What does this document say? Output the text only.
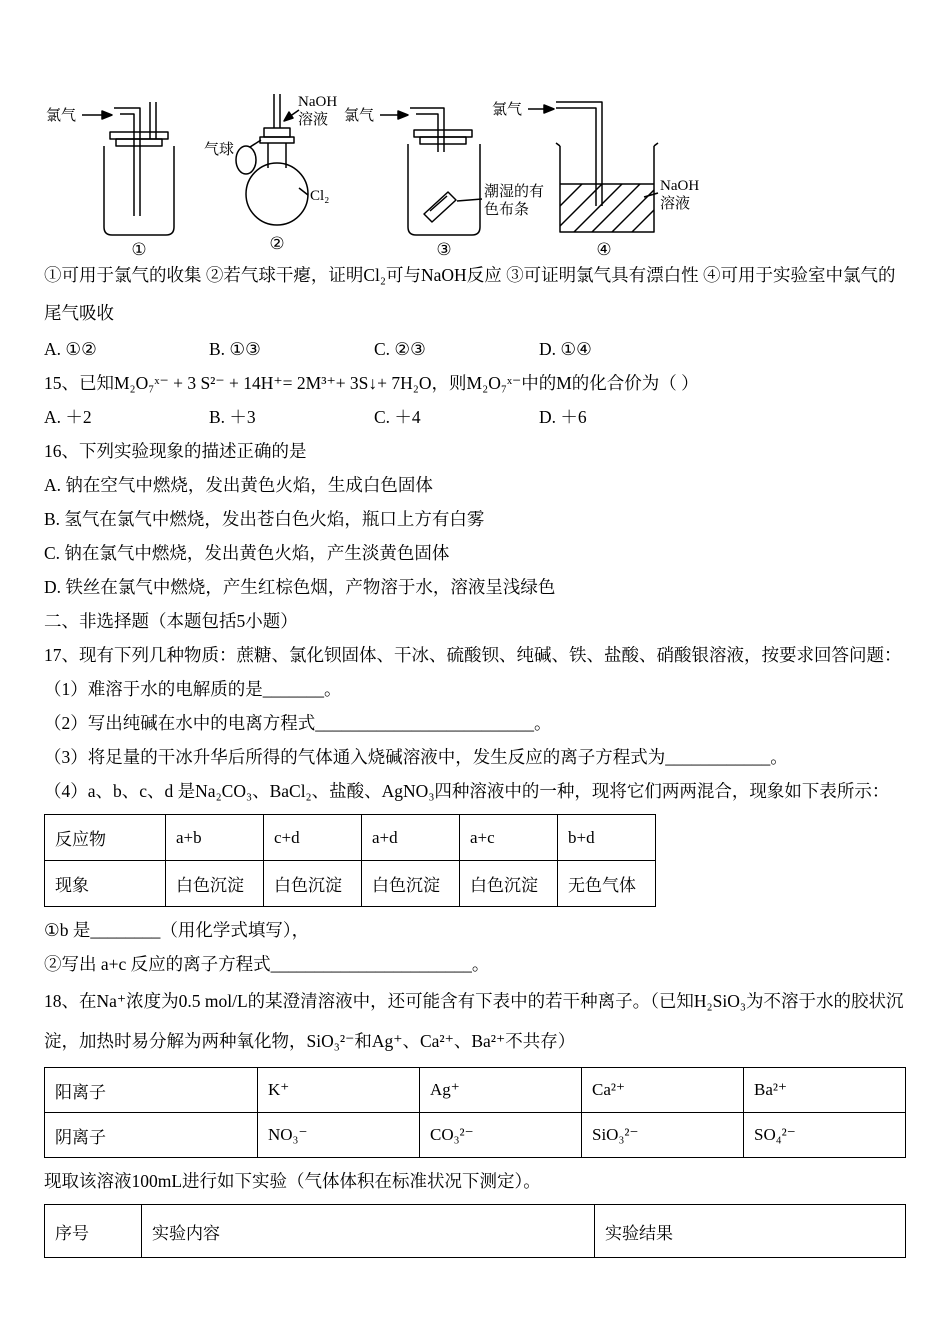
氯气
①
气球
NaOH
溶液
Cl₂
②
氯气
潮湿的有
色布条
③
氯气
NaOH
溶液
④

①可用于氯气的收集 ②若气球干瘪，证明Cl₂可与NaOH反应 ③可证明氯气具有漂白性 ④可用于实验室中氯气的尾气吸收

A. ①②	B. ①③	C. ②③	D. ①④

15、已知M₂O₇ˣ⁻ + 3 S²⁻ + 14H⁺= 2M³⁺+ 3S↓+ 7H₂O，则M₂O₇ˣ⁻中的M的化合价为（ ）

A. ＋2	B. ＋3	C. ＋4	D. ＋6

16、下列实验现象的描述正确的是

A. 钠在空气中燃烧，发出黄色火焰，生成白色固体

B. 氢气在氯气中燃烧，发出苍白色火焰，瓶口上方有白雾

C. 钠在氯气中燃烧，发出黄色火焰，产生淡黄色固体

D. 铁丝在氯气中燃烧，产生红棕色烟，产物溶于水，溶液呈浅绿色

二、非选择题（本题包括5小题）

17、现有下列几种物质：蔗糖、氯化钡固体、干冰、硫酸钡、纯碱、铁、盐酸、硝酸银溶液，按要求回答问题：

（1）难溶于水的电解质的是_______。

（2）写出纯碱在水中的电离方程式_________________________。

（3）将足量的干冰升华后所得的气体通入烧碱溶液中，发生反应的离子方程式为____________。

（4）a、b、c、d 是Na₂CO₃、BaCl₂、盐酸、AgNO₃四种溶液中的一种，现将它们两两混合，现象如下表所示：

反应物	a+b	c+d	a+d	a+c	b+d
现象	白色沉淀	白色沉淀	白色沉淀	白色沉淀	无色气体

①b 是________（用化学式填写），

②写出 a+c 反应的离子方程式_______________________。

18、在Na⁺浓度为0.5 mol/L的某澄清溶液中，还可能含有下表中的若干种离子。（已知H₂SiO₃为不溶于水的胶状沉淀，加热时易分解为两种氧化物，SiO₃²⁻和Ag⁺、Ca²⁺、Ba²⁺不共存）

阳离子	K⁺	Ag⁺	Ca²⁺	Ba²⁺
阴离子	NO₃⁻	CO₃²⁻	SiO₃²⁻	SO₄²⁻

现取该溶液100mL进行如下实验（气体体积在标准状况下测定）。

序号	实验内容	实验结果
